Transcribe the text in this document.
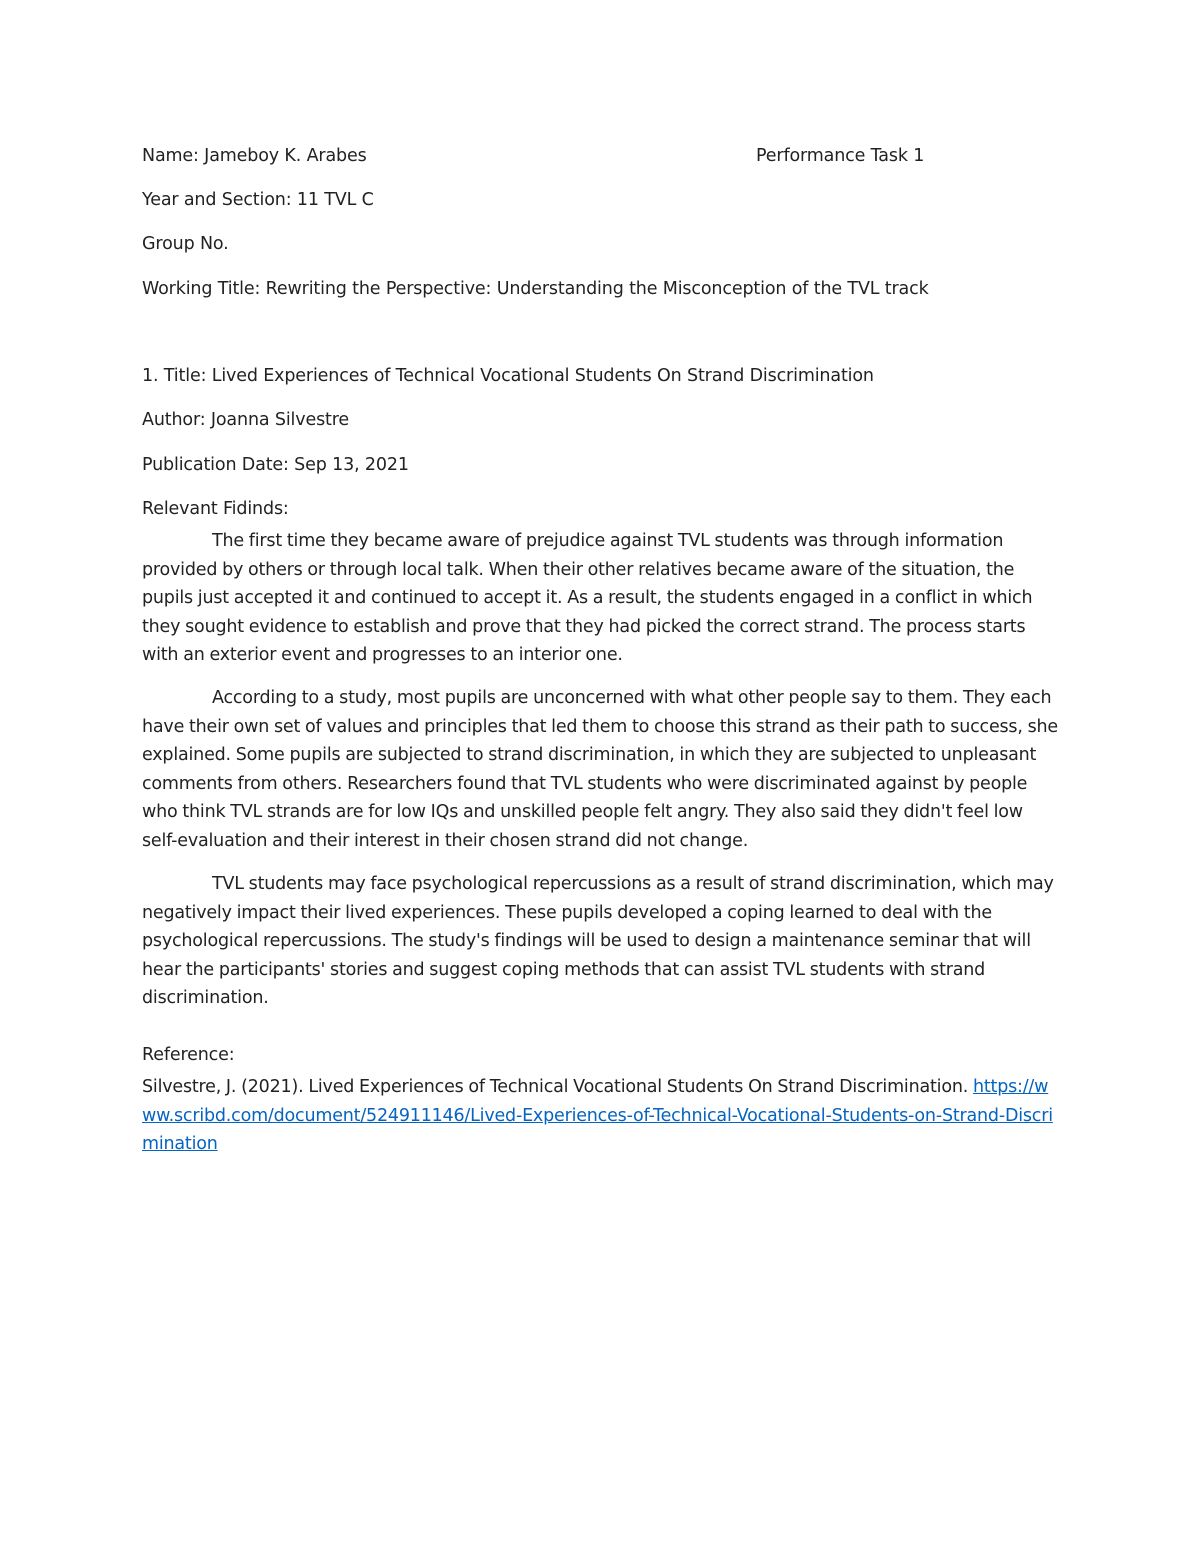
Name: Jameboy K. Arabes	Performance Task 1
Year and Section: 11 TVL C
Group No.
Working Title: Rewriting the Perspective: Understanding the Misconception of the TVL track
1. Title: Lived Experiences of Technical Vocational Students On Strand Discrimination
Author: Joanna Silvestre
Publication Date: Sep 13, 2021
Relevant Fidinds:

The first time they became aware of prejudice against TVL students was through information provided by others or through local talk. When their other relatives became aware of the situation, the pupils just accepted it and continued to accept it. As a result, the students engaged in a conflict in which they sought evidence to establish and prove that they had picked the correct strand. The process starts with an exterior event and progresses to an interior one.

According to a study, most pupils are unconcerned with what other people say to them. They each have their own set of values and principles that led them to choose this strand as their path to success, she explained. Some pupils are subjected to strand discrimination, in which they are subjected to unpleasant comments from others. Researchers found that TVL students who were discriminated against by people who think TVL strands are for low IQs and unskilled people felt angry. They also said they didn't feel low self-evaluation and their interest in their chosen strand did not change.

TVL students may face psychological repercussions as a result of strand discrimination, which may negatively impact their lived experiences. These pupils developed a coping learned to deal with the psychological repercussions. The study's findings will be used to design a maintenance seminar that will hear the participants' stories and suggest coping methods that can assist TVL students with strand discrimination.

Reference:
Silvestre, J. (2021). Lived Experiences of Technical Vocational Students On Strand Discrimination. https://www.scribd.com/document/524911146/Lived-Experiences-of-Technical-Vocational-Students-on-Strand-Discrimination
